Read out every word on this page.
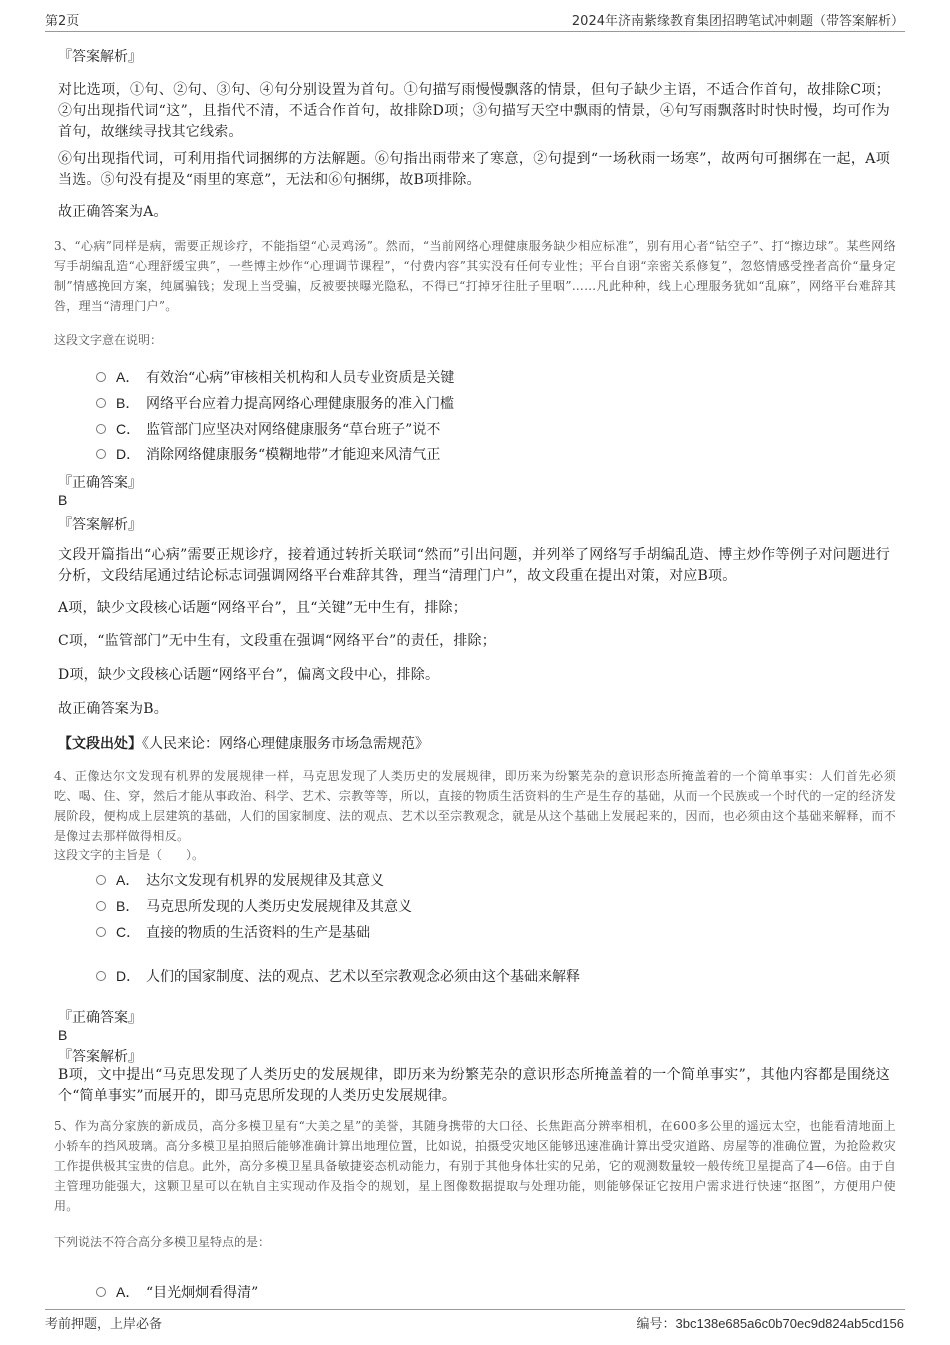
第2页	2024年济南紫缘教育集团招聘笔试冲刺题（带答案解析）
『答案解析』
对比选项，①句、②句、③句、④句分别设置为首句。①句描写雨慢慢飘落的情景，但句子缺少主语，不适合作首句，故排除C项；②句出现指代词“这”，且指代不清，不适合作首句，故排除D项；③句描写天空中飘雨的情景，④句写雨飘落时时快时慢，均可作为首句，故继续寻找其它线索。
⑥句出现指代词，可利用指代词捆绑的方法解题。⑥句指出雨带来了寒意，②句提到“一场秋雨一场寒”，故两句可捆绑在一起，A项当选。⑤句没有提及“雨里的寒意”，无法和⑥句捆绑，故B项排除。
故正确答案为A。
3、“心病”同样是病，需要正规诊疗，不能指望“心灵鸡汤”。然而，“当前网络心理健康服务缺少相应标准”，别有用心者“钻空子”、打“擦边球”。某些网络写手胡编乱造“心理舒缓宝典”，一些博主炒作“心理调节课程”，“付费内容”其实没有任何专业性；平台自诩“亲密关系修复”，忽悠情感受挫者高价“量身定制”情感挽回方案，纯属骗钱；发现上当受骗，反被要挟曝光隐私，不得已“打掉牙往肚子里咽”……凡此种种，线上心理服务犹如“乱麻”，网络平台难辞其咎，理当“清理门户”。
这段文字意在说明：
A． 有效治“心病”审核相关机构和人员专业资质是关键
B． 网络平台应着力提高网络心理健康服务的准入门槛
C． 监管部门应坚决对网络健康服务“草台班子”说不
D． 消除网络健康服务“模糊地带”才能迎来风清气正
『正确答案』
B
『答案解析』
文段开篇指出“心病”需要正规诊疗，接着通过转折关联词“然而”引出问题，并列举了网络写手胡编乱造、博主炒作等例子对问题进行分析，文段结尾通过结论标志词强调网络平台难辞其咎，理当“清理门户”，故文段重在提出对策，对应B项。
A项，缺少文段核心话题“网络平台”，且“关键”无中生有，排除；
C项，“监管部门”无中生有，文段重在强调“网络平台”的责任，排除；
D项，缺少文段核心话题“网络平台”，偏离文段中心，排除。
故正确答案为B。
【文段出处】《人民来论：网络心理健康服务市场急需规范》
4、正像达尔文发现有机界的发展规律一样，马克思发现了人类历史的发展规律，即历来为纷繁芜杂的意识形态所掩盖着的一个简单事实：人们首先必须吃、喝、住、穿，然后才能从事政治、科学、艺术、宗教等等，所以，直接的物质生活资料的生产是生存的基础，从而一个民族或一个时代的一定的经济发展阶段，便构成上层建筑的基础，人们的国家制度、法的观点、艺术以至宗教观念，就是从这个基础上发展起来的，因而，也必须由这个基础来解释，而不是像过去那样做得相反。
这段文字的主旨是（　　）。
A． 达尔文发现有机界的发展规律及其意义
B． 马克思所发现的人类历史发展规律及其意义
C． 直接的物质的生活资料的生产是基础
D． 人们的国家制度、法的观点、艺术以至宗教观念必须由这个基础来解释
『正确答案』
B
『答案解析』
B项，文中提出“马克思发现了人类历史的发展规律，即历来为纷繁芜杂的意识形态所掩盖着的一个简单事实”，其他内容都是围绕这个“简单事实”而展开的，即马克思所发现的人类历史发展规律。
5、作为高分家族的新成员，高分多模卫星有“大美之星”的美誉，其随身携带的大口径、长焦距高分辨率相机，在600多公里的遥远太空，也能看清地面上小轿车的挡风玻璃。高分多模卫星拍照后能够准确计算出地理位置，比如说，拍摄受灾地区能够迅速准确计算出受灾道路、房屋等的准确位置，为抢险救灾工作提供极其宝贵的信息。此外，高分多模卫星具备敏捷姿态机动能力，有别于其他身体壮实的兄弟，它的观测数量较一般传统卫星提高了4—6倍。由于自主管理功能强大，这颗卫星可以在轨自主实现动作及指令的规划，星上图像数据提取与处理功能，则能够保证它按用户需求进行快速“抠图”，方便用户使用。
下列说法不符合高分多模卫星特点的是：
A． “目光炯炯看得清”
考前押题，上岸必备	编号：3bc138e685a6c0b70ec9d824ab5cd156
